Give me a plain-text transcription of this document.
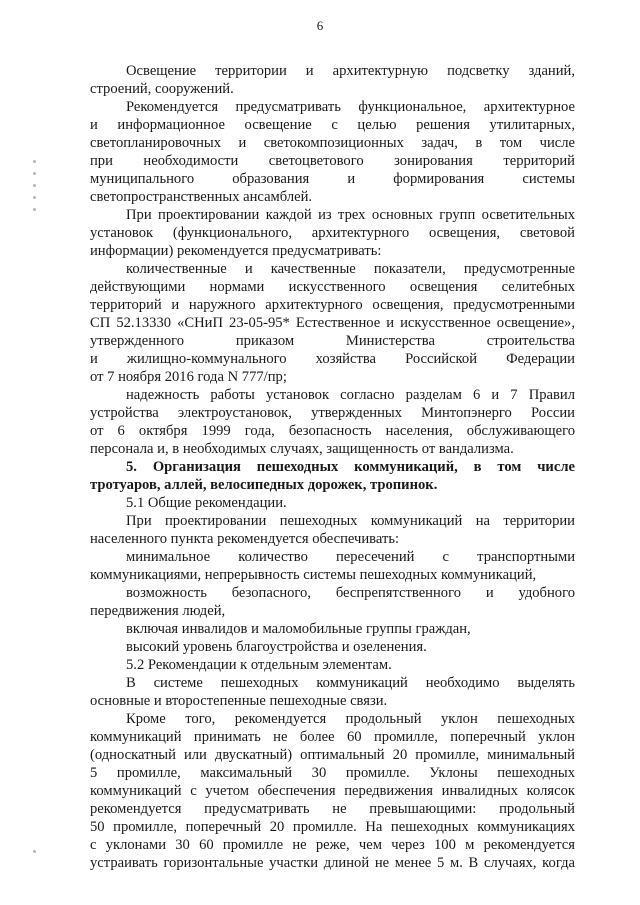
6
Освещение территории и архитектурную подсветку зданий,
строений, сооружений.
Рекомендуется предусматривать функциональное, архитектурное
и информационное освещение с целью решения утилитарных,
светопланировочных и светокомпозиционных задач, в том числе
при необходимости светоцветового зонирования территорий
муниципального образования и формирования системы
светопространственных ансамблей.
При проектировании каждой из трех основных групп осветительных
установок (функционального, архитектурного освещения, световой
информации) рекомендуется предусматривать:
количественные и качественные показатели, предусмотренные
действующими нормами искусственного освещения селитебных
территорий и наружного архитектурного освещения, предусмотренными
СП 52.13330 «СНиП 23-05-95* Естественное и искусственное освещение»,
утвержденного приказом Министерства строительства
и жилищно-коммунального хозяйства Российской Федерации
от 7 ноября 2016 года N 777/пр;
надежность работы установок согласно разделам 6 и 7 Правил
устройства электроустановок, утвержденных Минтопэнерго России
от 6 октября 1999 года, безопасность населения, обслуживающего
персонала и, в необходимых случаях, защищенность от вандализма.
5. Организация пешеходных коммуникаций, в том числе
тротуаров, аллей, велосипедных дорожек, тропинок.
5.1 Общие рекомендации.
При проектировании пешеходных коммуникаций на территории
населенного пункта рекомендуется обеспечивать:
минимальное количество пересечений с транспортными
коммуникациями, непрерывность системы пешеходных коммуникаций,
возможность безопасного, беспрепятственного и удобного
передвижения людей,
включая инвалидов и маломобильные группы граждан,
высокий уровень благоустройства и озеленения.
5.2 Рекомендации к отдельным элементам.
В системе пешеходных коммуникаций необходимо выделять
основные и второстепенные пешеходные связи.
Кроме того, рекомендуется продольный уклон пешеходных
коммуникаций принимать не более 60 промилле, поперечный уклон
(односкатный или двускатный) оптимальный 20 промилле, минимальный
5 промилле, максимальный 30 промилле. Уклоны пешеходных
коммуникаций с учетом обеспечения передвижения инвалидных колясок
рекомендуется предусматривать не превышающими: продольный
50 промилле, поперечный 20 промилле. На пешеходных коммуникациях
с уклонами 30 60 промилле не реже, чем через 100 м рекомендуется
устраивать горизонтальные участки длиной не менее 5 м. В случаях, когда
